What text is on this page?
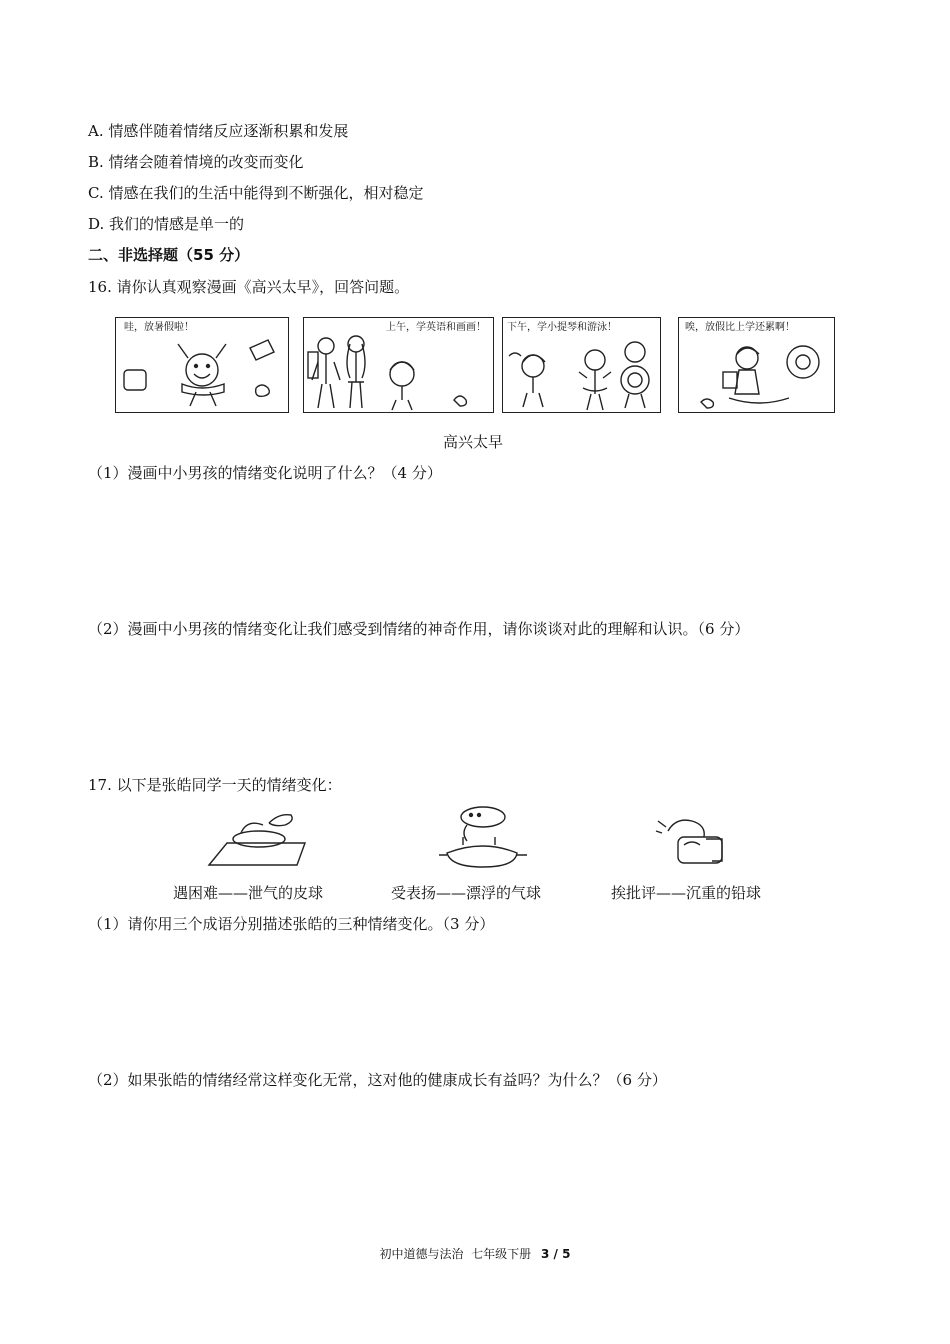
A. 情感伴随着情绪反应逐渐积累和发展
B. 情绪会随着情境的改变而变化
C. 情感在我们的生活中能得到不断强化，相对稳定
D. 我们的情感是单一的
二、非选择题（55 分）
16. 请你认真观察漫画《高兴太早》，回答问题。
哇，放暑假啦！	上午，学英语和画画！ 下午，学小提琴和游泳！	唉，放假比上学还累啊！
高兴太早
（1）漫画中小男孩的情绪变化说明了什么？（4 分）
（2）漫画中小男孩的情绪变化让我们感受到情绪的神奇作用，请你谈谈对此的理解和认识。（6 分）
17. 以下是张皓同学一天的情绪变化：
遇困难——泄气的皮球	受表扬——漂浮的气球	挨批评——沉重的铅球
（1）请你用三个成语分别描述张皓的三种情绪变化。（3 分）
（2）如果张皓的情绪经常这样变化无常，这对他的健康成长有益吗？为什么？（6 分）
初中道德与法治  七年级下册 3 / 5
